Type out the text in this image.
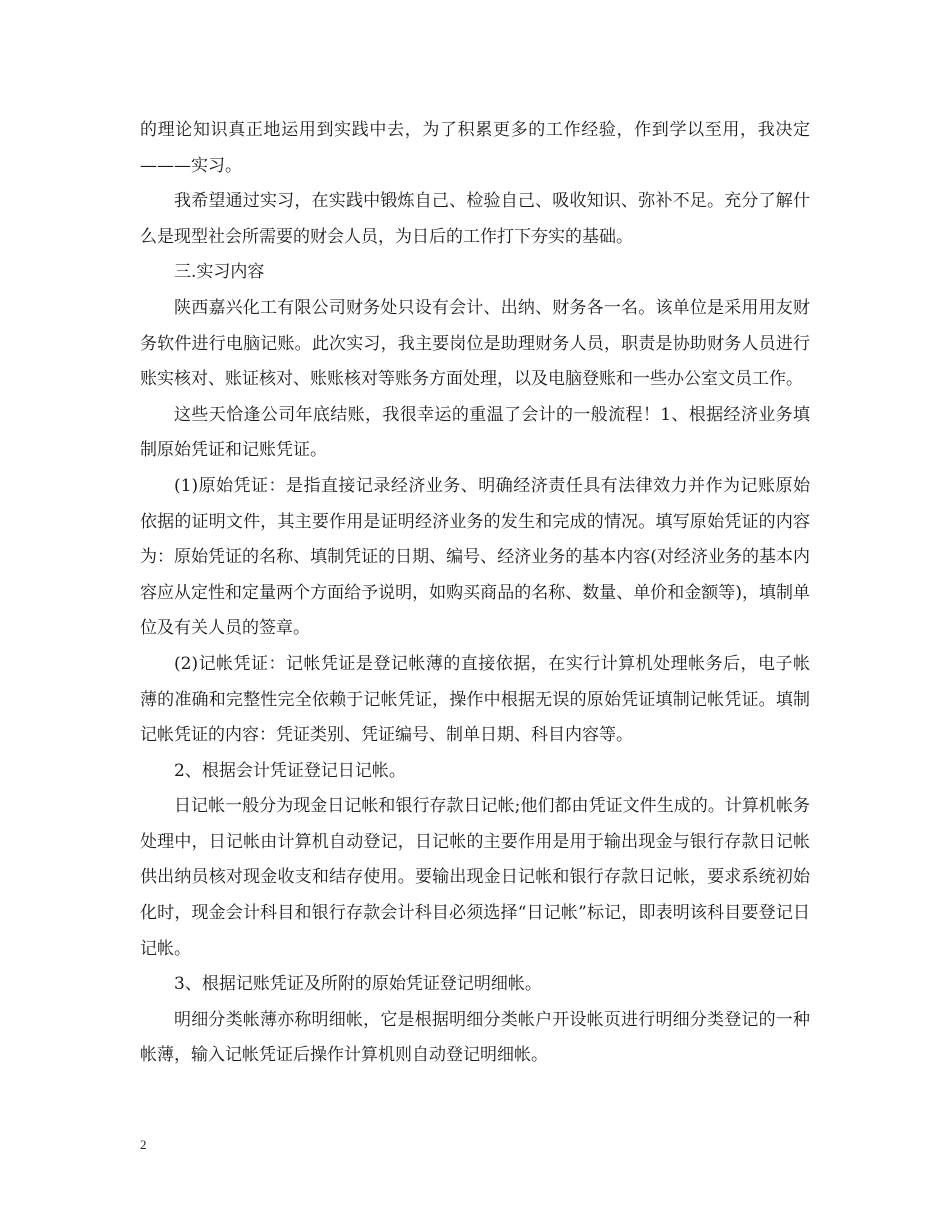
的理论知识真正地运用到实践中去，为了积累更多的工作经验，作到学以至用，我决定———实习。

我希望通过实习，在实践中锻炼自己、检验自己、吸收知识、弥补不足。充分了解什么是现型社会所需要的财会人员，为日后的工作打下夯实的基础。

三.实习内容

陕西嘉兴化工有限公司财务处只设有会计、出纳、财务各一名。该单位是采用用友财务软件进行电脑记账。此次实习，我主要岗位是助理财务人员，职责是协助财务人员进行账实核对、账证核对、账账核对等账务方面处理，以及电脑登账和一些办公室文员工作。

这些天恰逢公司年底结账，我很幸运的重温了会计的一般流程！1、根据经济业务填制原始凭证和记账凭证。

(1)原始凭证：是指直接记录经济业务、明确经济责任具有法律效力并作为记账原始依据的证明文件，其主要作用是证明经济业务的发生和完成的情况。填写原始凭证的内容为：原始凭证的名称、填制凭证的日期、编号、经济业务的基本内容(对经济业务的基本内容应从定性和定量两个方面给予说明，如购买商品的名称、数量、单价和金额等)，填制单位及有关人员的签章。

(2)记帐凭证：记帐凭证是登记帐薄的直接依据，在实行计算机处理帐务后，电子帐薄的准确和完整性完全依赖于记帐凭证，操作中根据无误的原始凭证填制记帐凭证。填制记帐凭证的内容：凭证类别、凭证编号、制单日期、科目内容等。

2、根据会计凭证登记日记帐。

日记帐一般分为现金日记帐和银行存款日记帐;他们都由凭证文件生成的。计算机帐务处理中，日记帐由计算机自动登记，日记帐的主要作用是用于输出现金与银行存款日记帐供出纳员核对现金收支和结存使用。要输出现金日记帐和银行存款日记帐，要求系统初始化时，现金会计科目和银行存款会计科目必须选择“日记帐”标记，即表明该科目要登记日记帐。

3、根据记账凭证及所附的原始凭证登记明细帐。

明细分类帐薄亦称明细帐，它是根据明细分类帐户开设帐页进行明细分类登记的一种帐薄，输入记帐凭证后操作计算机则自动登记明细帐。

2
